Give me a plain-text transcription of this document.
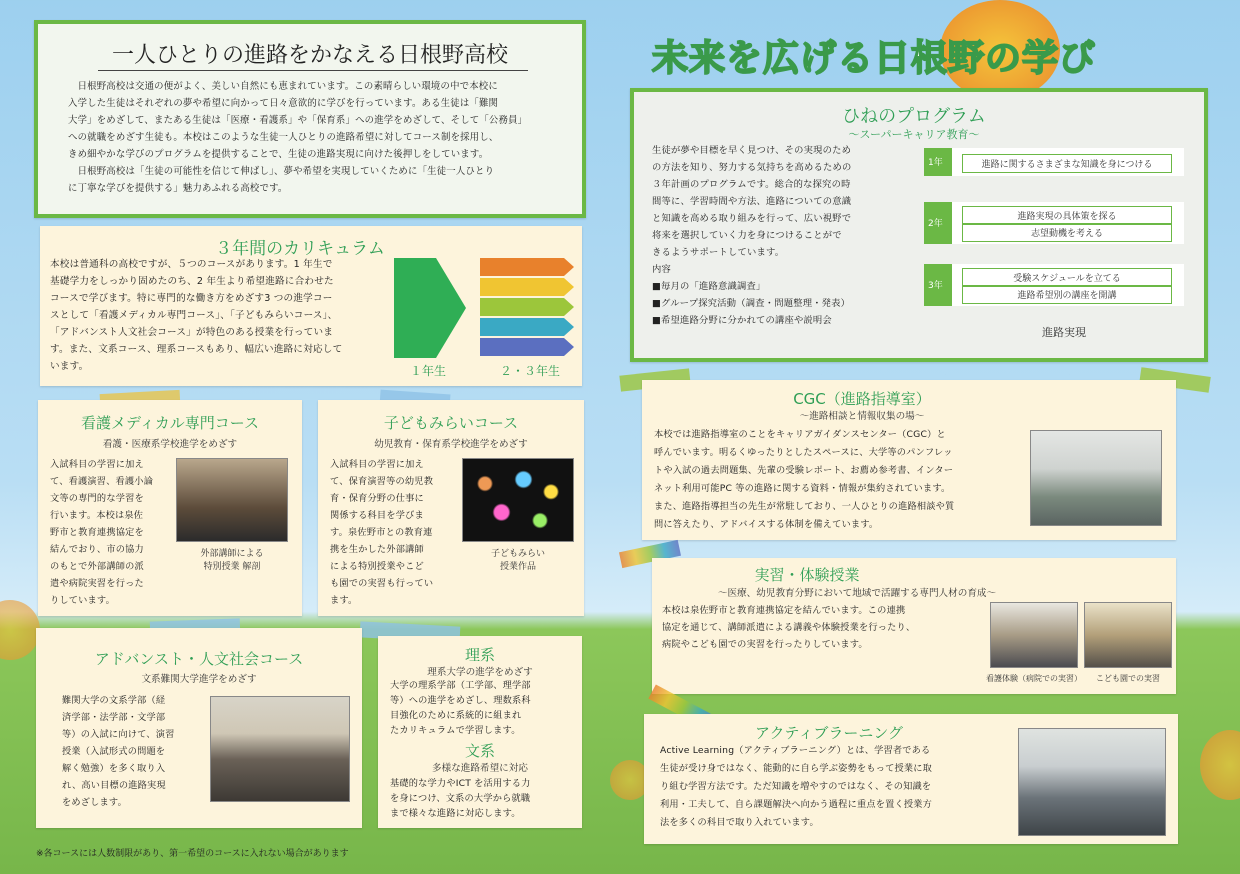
一人ひとりの進路をかなえる日根野高校
　日根野高校は交通の便がよく、美しい自然にも恵まれています。この素晴らしい環境の中で本校に
入学した生徒はそれぞれの夢や希望に向かって日々意欲的に学びを行っています。ある生徒は「難関
大学」をめざして、またある生徒は「医療・看護系」や「保育系」への進学をめざして、そして「公務員」
への就職をめざす生徒も。本校はこのような生徒一人ひとりの進路希望に対してコース制を採用し、
きめ細やかな学びのプログラムを提供することで、生徒の進路実現に向けた後押しをしています。
　日根野高校は「生徒の可能性を信じて伸ばし」、夢や希望を実現していくために「生徒一人ひとり
に丁寧な学びを提供する」魅力あふれる高校です。
３年間のカリキュラム
本校は普通科の高校ですが、５つのコースがあります。1 年生で
基礎学力をしっかり固めたのち、2 年生より希望進路に合わせた
コースで学びます。特に専門的な働き方をめざす3 つの進学コー
スとして「看護メディカル専門コース」、「子どもみらいコース」、
「アドバンスト人文社会コース」が特色のある授業を行っていま
す。また、文系コース、理系コースもあり、幅広い進路に対応して
います。	１年生	２・３年生
看護メディカル専門コース
看護・医療系学校進学をめざす
入試科目の学習に加え
て、看護演習、看護小論
文等の専門的な学習を
行います。本校は泉佐
野市と教育連携協定を
結んでおり、市の協力
のもとで外部講師の派
遣や病院実習を行った
りしています。
外部講師による
特別授業 解剖
子どもみらいコース
幼児教育・保育系学校進学をめざす
入試科目の学習に加え
て、保育演習等の幼児教
育・保育分野の仕事に
関係する科目を学びま
す。泉佐野市との教育連
携を生かした外部講師
による特別授業やこど
も園での実習も行ってい
ます。
子どもみらい
授業作品
アドバンスト・人文社会コース
文系難関大学進学をめざす
難関大学の文系学部（経
済学部・法学部・文学部
等）の入試に向けて、演習
授業（入試形式の問題を
解く勉強）を多く取り入
れ、高い目標の進路実現
をめざします。
理系
理系大学の進学をめざす
大学の理系学部（工学部、理学部
等）への進学をめざし、理数系科
目強化のために系統的に組まれ
たカリキュラムで学習します。
文系
多様な進路希望に対応
基礎的な学力やICT を活用する力
を身につけ、文系の大学から就職
まで様々な進路に対応します。
※各コースには人数制限があり、第一希望のコースに入れない場合があります
未来を広げる日根野の学び
ひねのプログラム
～スーパーキャリア教育～
生徒が夢や目標を早く見つけ、その実現のため
の方法を知り、努力する気持ちを高めるための
３年計画のプログラムです。総合的な探究の時
間等に、学習時間や方法、進路についての意識
と知識を高める取り組みを行って、広い視野で
将来を選択していく力を身につけることがで
きるようサポートしています。
内容
■毎月の「進路意識調査」
■グループ探究活動（調査・問題整理・発表）
■希望進路分野に分かれての講座や説明会
1年	進路に関するさまざまな知識を身につける
2年
進路実現の具体策を探る
志望動機を考える
3年
受験スケジュールを立てる
進路希望別の講座を開講
進路実現
CGC（進路指導室）
～進路相談と情報収集の場～
本校では進路指導室のことをキャリアガイダンスセンター（CGC）と
呼んでいます。明るくゆったりとしたスペースに、大学等のパンフレッ
トや入試の過去問題集、先輩の受験レポート、お薦め参考書、インター
ネット利用可能PC 等の進路に関する資料・情報が集約されています。
また、進路指導担当の先生が常駐しており、一人ひとりの進路相談や質
問に答えたり、アドバイスする体制を備えています。
実習・体験授業
～医療、幼児教育分野において地域で活躍する専門人材の育成～
本校は泉佐野市と教育連携協定を結んでいます。この連携
協定を通じて、講師派遣による講義や体験授業を行ったり、
病院やこども園での実習を行ったりしています。
看護体験（病院での実習）	こども園での実習
アクティブラーニング
Active Learning（アクティブラーニング）とは、学習者である
生徒が受け身ではなく、能動的に自ら学ぶ姿勢をもって授業に取
り組む学習方法です。ただ知識を増やすのではなく、その知識を
利用・工夫して、自ら課題解決へ向かう過程に重点を置く授業方
法を多くの科目で取り入れています。
